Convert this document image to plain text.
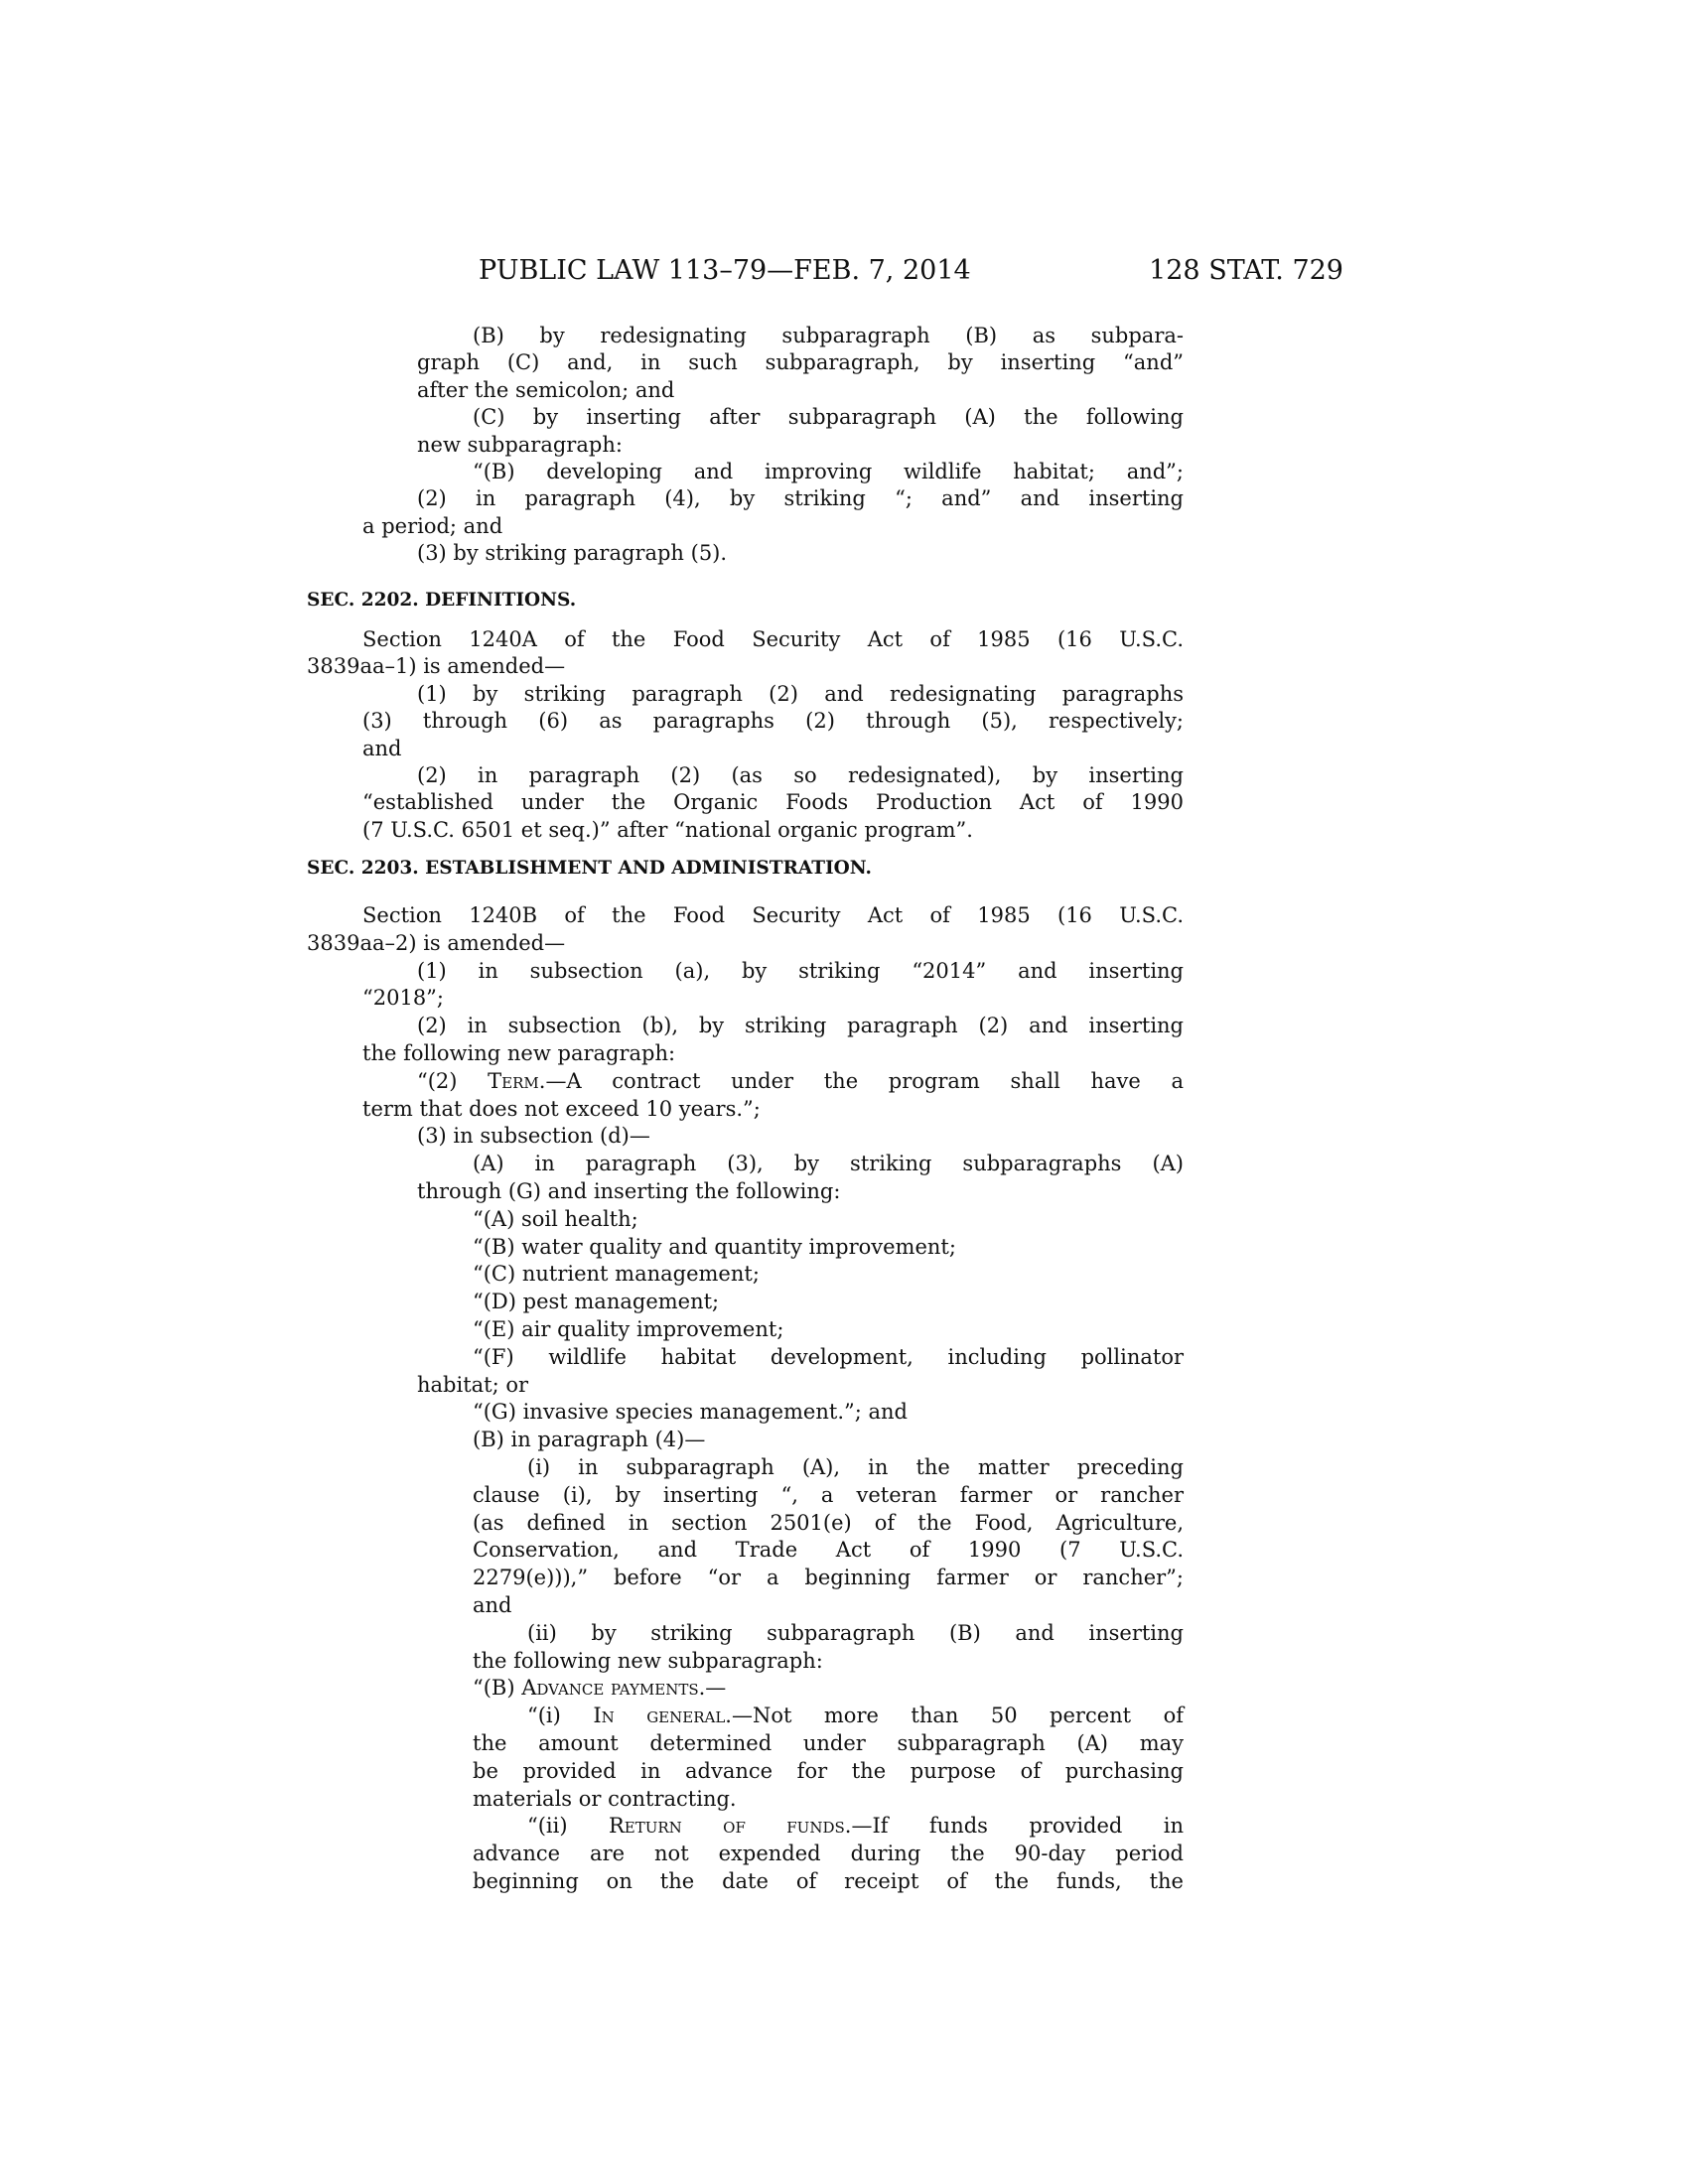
PUBLIC LAW 113–79—FEB. 7, 2014	128 STAT. 729
SEC. 2202. DEFINITIONS.
SEC. 2203. ESTABLISHMENT AND ADMINISTRATION.
(B) by redesignating subparagraph (B) as subpara-
graph (C) and, in such subparagraph, by inserting “and”
after the semicolon; and
(C) by inserting after subparagraph (A) the following
new subparagraph:
“(B) developing and improving wildlife habitat; and”;
(2) in paragraph (4), by striking “; and” and inserting
a period; and
(3) by striking paragraph (5).
Section 1240A of the Food Security Act of 1985 (16 U.S.C.
3839aa–1) is amended—
(1) by striking paragraph (2) and redesignating paragraphs
(3) through (6) as paragraphs (2) through (5), respectively;
and
(2) in paragraph (2) (as so redesignated), by inserting
“established under the Organic Foods Production Act of 1990
(7 U.S.C. 6501 et seq.)” after “national organic program”.
Section 1240B of the Food Security Act of 1985 (16 U.S.C.
3839aa–2) is amended—
(1) in subsection (a), by striking “2014” and inserting
“2018”;
(2) in subsection (b), by striking paragraph (2) and inserting
the following new paragraph:
“(2) Term.—A contract under the program shall have a
term that does not exceed 10 years.”;
(3) in subsection (d)—
(A) in paragraph (3), by striking subparagraphs (A)
through (G) and inserting the following:
“(A) soil health;
“(B) water quality and quantity improvement;
“(C) nutrient management;
“(D) pest management;
“(E) air quality improvement;
“(F) wildlife habitat development, including pollinator
habitat; or
“(G) invasive species management.”; and
(B) in paragraph (4)—
(i) in subparagraph (A), in the matter preceding
clause (i), by inserting “, a veteran farmer or rancher
(as defined in section 2501(e) of the Food, Agriculture,
Conservation, and Trade Act of 1990 (7 U.S.C.
2279(e))),” before “or a beginning farmer or rancher”;
and
(ii) by striking subparagraph (B) and inserting
the following new subparagraph:
“(B) Advance payments.—
“(i) In general.—Not more than 50 percent of
the amount determined under subparagraph (A) may
be provided in advance for the purpose of purchasing
materials or contracting.
“(ii) Return of funds.—If funds provided in
advance are not expended during the 90-day period
beginning on the date of receipt of the funds, the
